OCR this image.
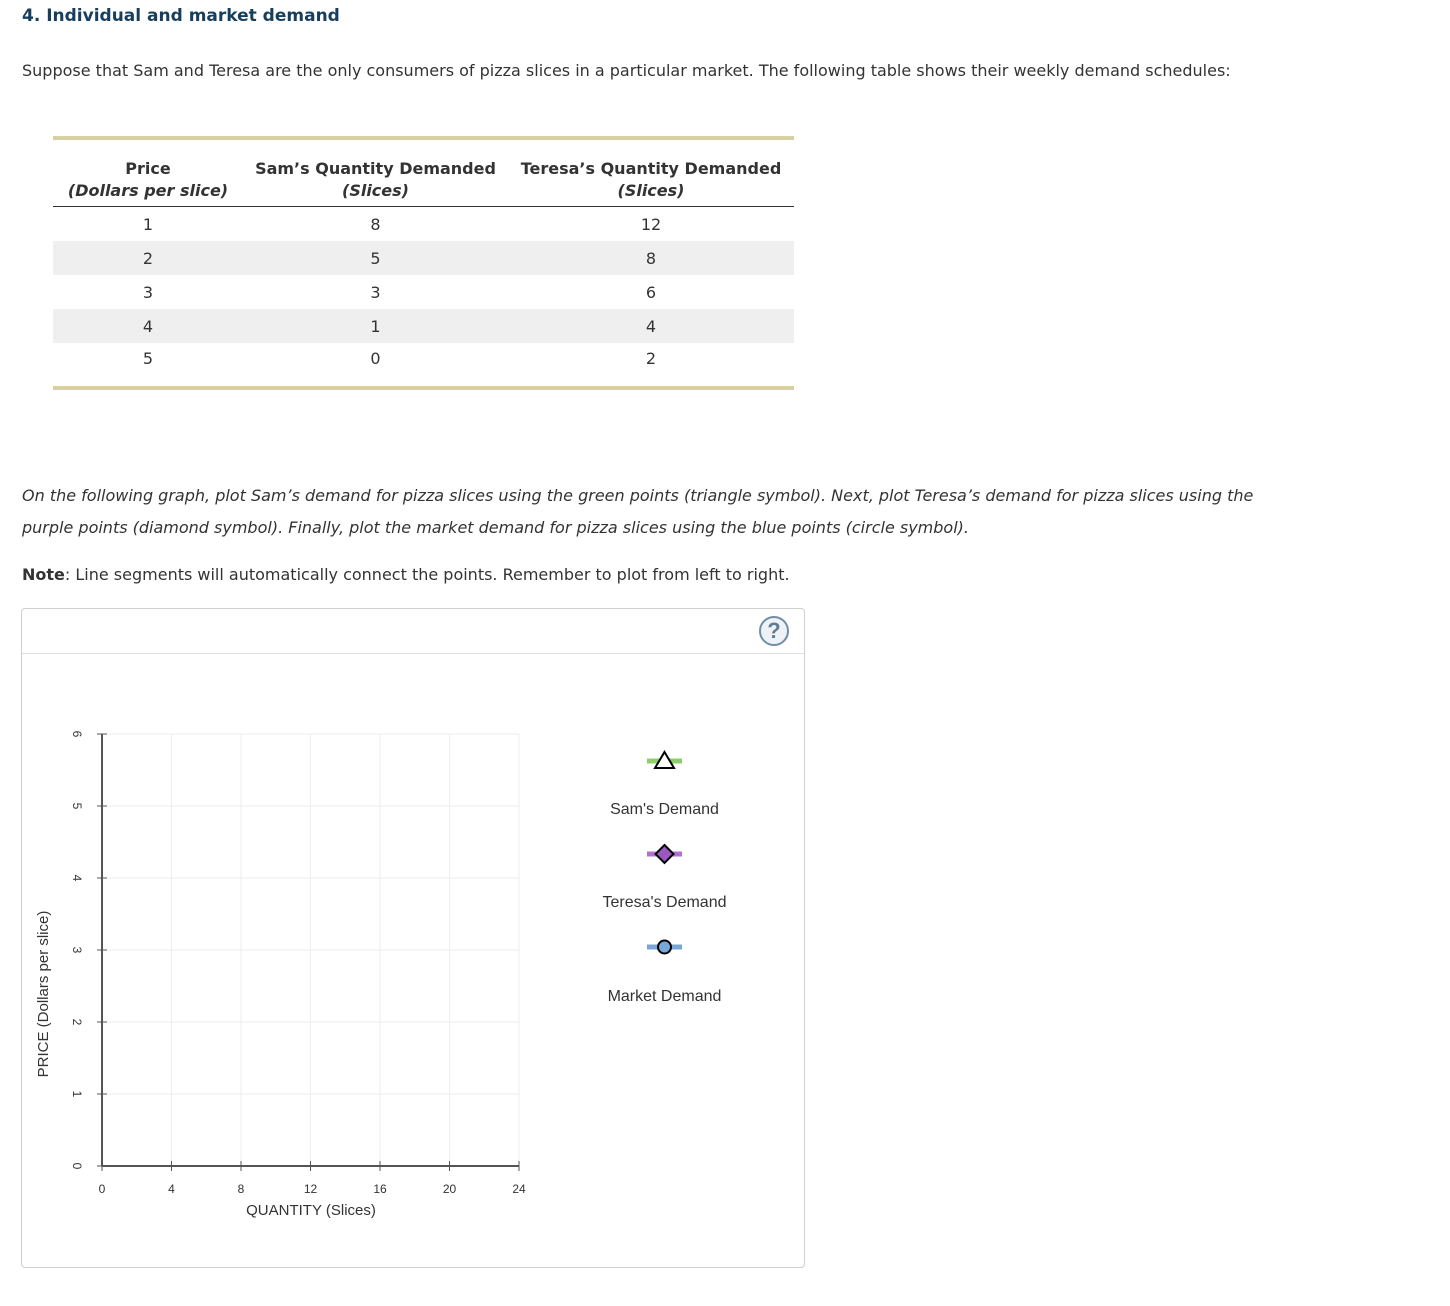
4. Individual and market demand

Suppose that Sam and Teresa are the only consumers of pizza slices in a particular market. The following table shows their weekly demand schedules:

Price	Sam’s Quantity Demanded	Teresa’s Quantity Demanded
(Dollars per slice)	(Slices)	(Slices)
1	8	12
2	5	8
3	3	6
4	1	4
5	0	2

On the following graph, plot Sam’s demand for pizza slices using the green points (triangle symbol). Next, plot Teresa’s demand for pizza slices using the purple points (diamond symbol). Finally, plot the market demand for pizza slices using the blue points (circle symbol).

Note: Line segments will automatically connect the points. Remember to plot from left to right.

?
0	4	8	12	16	20	24
0
1
2
3
4
5
6
PRICE (Dollars per slice)
QUANTITY (Slices)
Sam's Demand
Teresa's Demand
Market Demand
